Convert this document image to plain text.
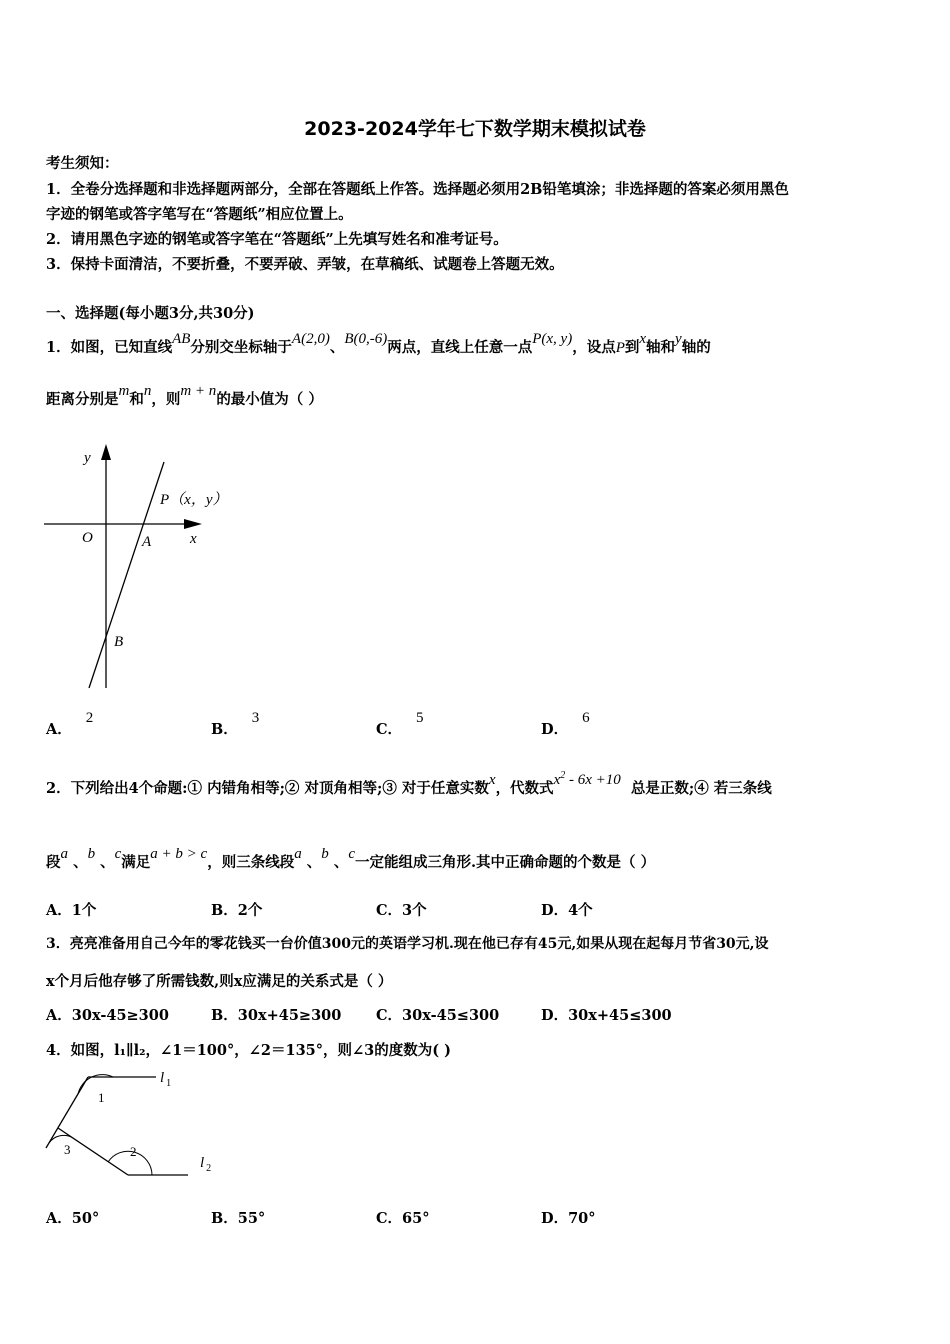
2023-2024学年七下数学期末模拟试卷
考生须知：
1．全卷分选择题和非选择题两部分，全部在答题纸上作答。选择题必须用2B铅笔填涂；非选择题的答案必须用黑色
字迹的钢笔或答字笔写在“答题纸”相应位置上。
2．请用黑色字迹的钢笔或答字笔在“答题纸”上先填写姓名和准考证号。
3．保持卡面清洁，不要折叠，不要弄破、弄皱，在草稿纸、试题卷上答题无效。
一、选择题(每小题3分,共30分)
1．如图，已知直线AB分别交坐标轴于A(2,0)、B(0,-6)两点，直线上任意一点P(x, y)，设点P到x轴和y轴的
距离分别是m和n，则m + n的最小值为（ ）
y
x
O	A
B
P（x，y）
A．2
B．3
C．5
D．6
2．下列给出4个命题:① 内错角相等;② 对顶角相等;③ 对于任意实数x，代数式$x^2 - 6x +10$ 总是正数;④ 若三条线
段a 、b 、c满足a + b > c，则三条线段a 、b 、c一定能组成三角形.其中正确命题的个数是（ ）
A．1个	B．2个	C．3个	D．4个
3．亮亮准备用自己今年的零花钱买一台价值300元的英语学习机.现在他已存有45元,如果从现在起每月节省30元,设
x个月后他存够了所需钱数,则x应满足的关系式是（ ）
A．30x-45≥300	B．30x+45≥300 C．30x-45≤300	D．30x+45≤300
4．如图，l₁∥l₂，∠1＝100°，∠2＝135°，则∠3的度数为( )
l $_1$
l $_2$
1
2
3
A．50°	B．55°	C．65°	D．70°
